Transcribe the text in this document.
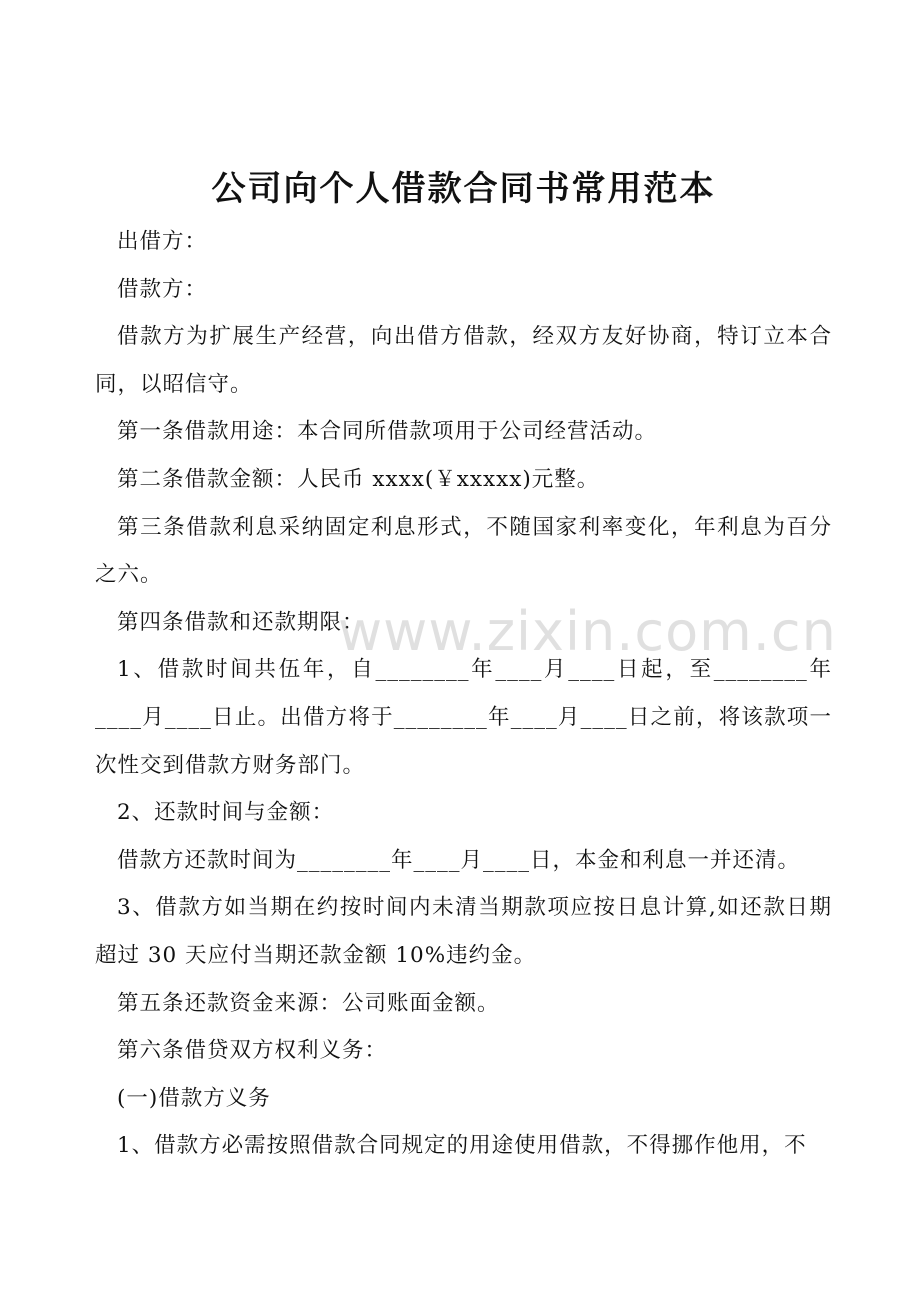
公司向个人借款合同书常用范本

出借方：

借款方：

借款方为扩展生产经营，向出借方借款，经双方友好协商，特订立本合同，以昭信守。

第一条借款用途：本合同所借款项用于公司经营活动。

第二条借款金额：人民币 xxxx(￥xxxxx)元整。

第三条借款利息采纳固定利息形式，不随国家利率变化，年利息为百分之六。

第四条借款和还款期限：

1、借款时间共伍年，自________年____月____日起，至________年____月____日止。出借方将于________年____月____日之前，将该款项一次性交到借款方财务部门。

2、还款时间与金额：

借款方还款时间为________年____月____日，本金和利息一并还清。

3、借款方如当期在约按时间内未清当期款项应按日息计算,如还款日期超过 30 天应付当期还款金额 10%违约金。

第五条还款资金来源：公司账面金额。

第六条借贷双方权利义务：

(一)借款方义务

1、借款方必需按照借款合同规定的用途使用借款，不得挪作他用，不

www.zixin.com.cn
